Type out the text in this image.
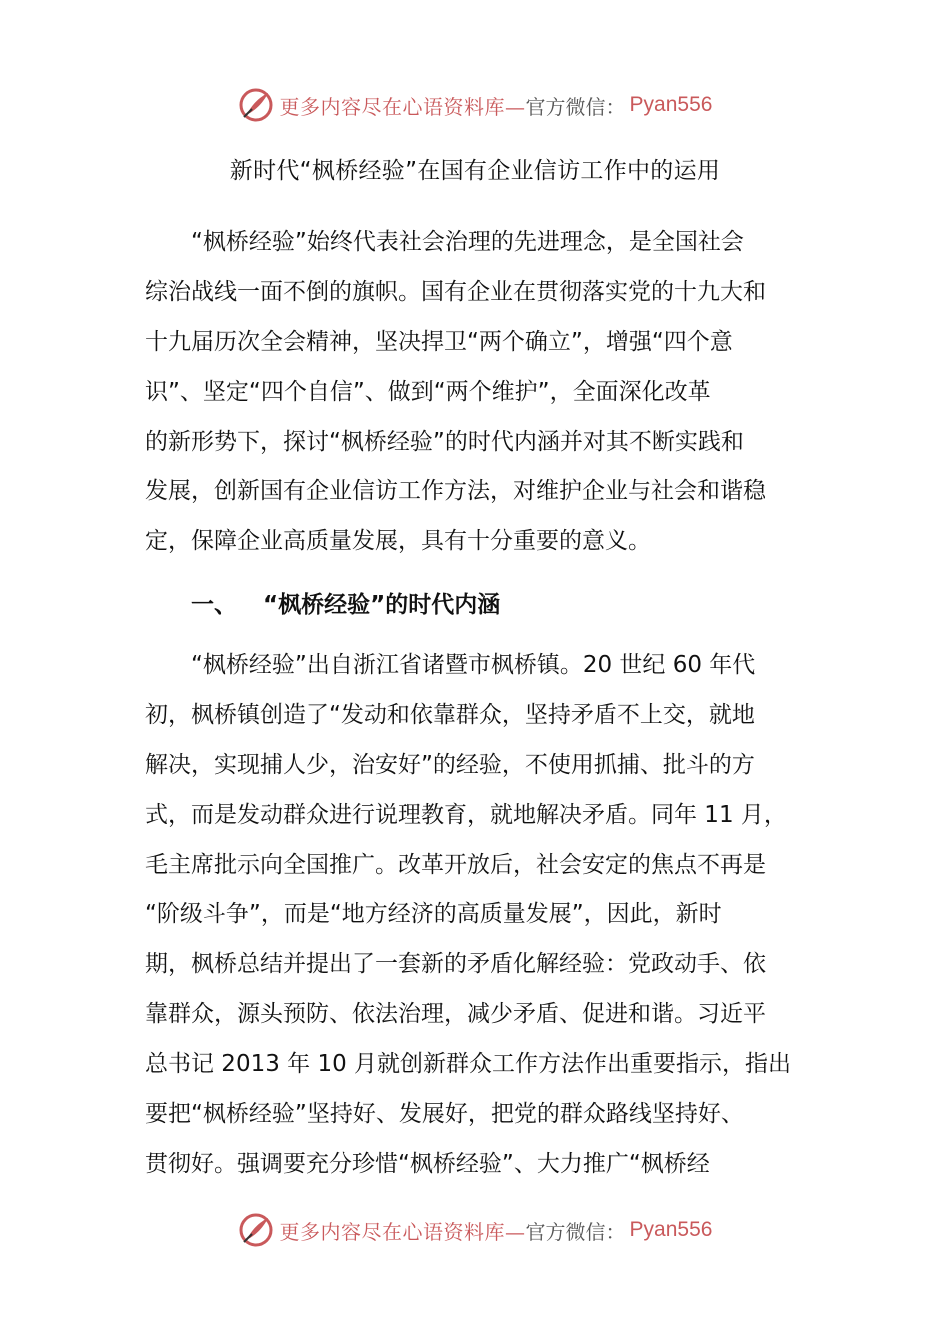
更多内容尽在心语资料库— 官方微信： Pyan556
新时代“枫桥经验”在国有企业信访工作中的运用
“枫桥经验”始终代表社会治理的先进理念，是全国社会
综治战线一面不倒的旗帜。国有企业在贯彻落实党的十九大和
十九届历次全会精神，坚决捍卫“两个确立”，增强“四个意
识”、坚定“四个自信”、做到“两个维护”，全面深化改革
的新形势下，探讨“枫桥经验”的时代内涵并对其不断实践和
发展，创新国有企业信访工作方法，对维护企业与社会和谐稳
定，保障企业高质量发展，具有十分重要的意义。
一、 “枫桥经验”的时代内涵
“枫桥经验”出自浙江省诸暨市枫桥镇。20 世纪 60 年代
初，枫桥镇创造了“发动和依靠群众，坚持矛盾不上交，就地
解决，实现捕人少，治安好”的经验，不使用抓捕、批斗的方
式，而是发动群众进行说理教育，就地解决矛盾。同年 11 月，
毛主席批示向全国推广。改革开放后，社会安定的焦点不再是
“阶级斗争”，而是“地方经济的高质量发展”，因此，新时
期，枫桥总结并提出了一套新的矛盾化解经验：党政动手、依
靠群众，源头预防、依法治理，减少矛盾、促进和谐。习近平
总书记 2013 年 10 月就创新群众工作方法作出重要指示，指出
要把“枫桥经验”坚持好、发展好，把党的群众路线坚持好、
贯彻好。强调要充分珍惜“枫桥经验”、大力推广“枫桥经
更多内容尽在心语资料库— 官方微信： Pyan556
